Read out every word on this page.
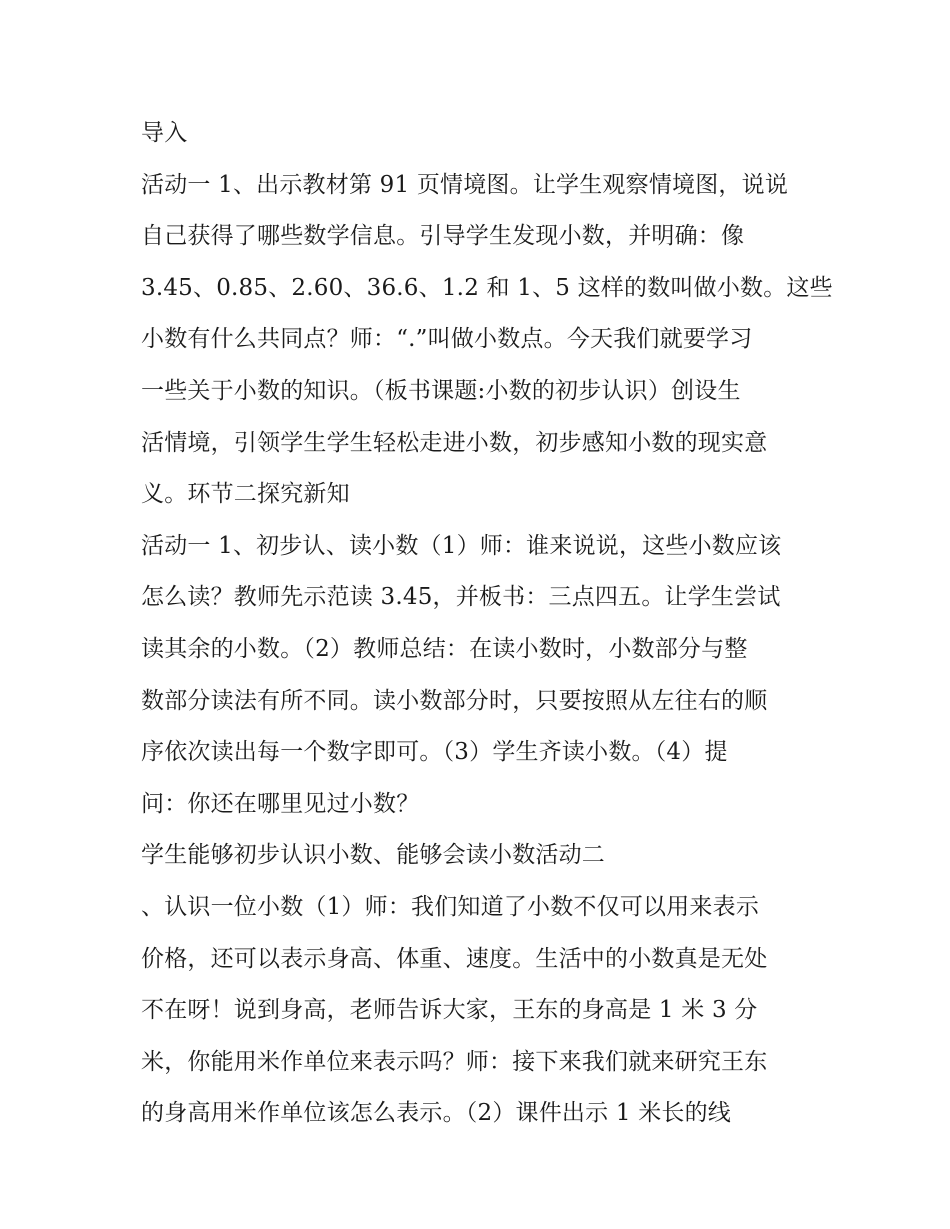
导入
活动一 1、出示教材第 91 页情境图。让学生观察情境图，说说
自己获得了哪些数学信息。引导学生发现小数，并明确：像
3.45、0.85、2.60、36.6、1.2 和 1、5 这样的数叫做小数。这些
小数有什么共同点？师：“.”叫做小数点。今天我们就要学习
一些关于小数的知识。（板书课题:小数的初步认识）创设生
活情境，引领学生学生轻松走进小数，初步感知小数的现实意
义。环节二探究新知
活动一 1、初步认、读小数（1）师：谁来说说，这些小数应该
怎么读？教师先示范读 3.45，并板书：三点四五。让学生尝试
读其余的小数。（2）教师总结：在读小数时，小数部分与整
数部分读法有所不同。读小数部分时，只要按照从左往右的顺
序依次读出每一个数字即可。（3）学生齐读小数。（4）提
问：你还在哪里见过小数？
学生能够初步认识小数、能够会读小数活动二
、认识一位小数（1）师：我们知道了小数不仅可以用来表示
价格，还可以表示身高、体重、速度。生活中的小数真是无处
不在呀！说到身高，老师告诉大家，王东的身高是 1 米 3 分
米，你能用米作单位来表示吗？师：接下来我们就来研究王东
的身高用米作单位该怎么表示。（2）课件出示 1 米长的线
